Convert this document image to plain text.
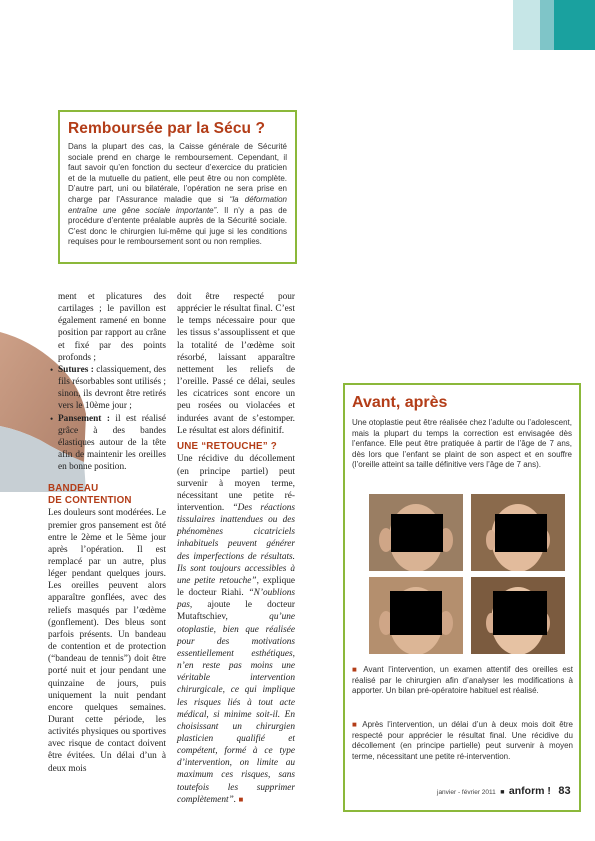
Remboursée par la Sécu ?

Dans la plupart des cas, la Caisse générale de Sécurité sociale prend en charge le remboursement. Cependant, il faut savoir qu’en fonction du secteur d’exercice du praticien et de la mutuelle du patient, elle peut être ou non complète. D’autre part, uni ou bilatérale, l’opération ne sera prise en charge par l’Assurance maladie que si “la déformation entraîne une gêne sociale importante”. Il n’y a pas de procédure d’entente préalable auprès de la Sécurité sociale. C’est donc le chirurgien lui-même qui juge si les conditions requises pour le remboursement sont ou non remplies.

ment et plicatures des cartilages ; le pavillon est également ramené en bonne position par rapport au crâne et fixé par des points profonds ;

• Sutures : classiquement, des fils résorbables sont utilisés ; sinon, ils devront être retirés vers le 10ème jour ;

• Pansement : il est réalisé grâce à des bandes élastiques autour de la tête afin de maintenir les oreilles en bonne position.

BANDEAU
DE CONTENTION

Les douleurs sont modérées. Le premier gros pansement est ôté entre le 2ème et le 5ème jour après l’opération. Il est remplacé par un autre, plus léger pendant quelques jours. Les oreilles peuvent alors apparaître gonflées, avec des reliefs masqués par l’œdème (gonflement). Des bleus sont parfois présents. Un bandeau de contention et de protection (“bandeau de tennis”) doit être porté nuit et jour pendant une quinzaine de jours, puis uniquement la nuit pendant encore quelques semaines. Durant cette période, les activités physiques ou sportives avec risque de contact doivent être évitées. Un délai d’un à deux mois

doit être respecté pour apprécier le résultat final. C’est le temps nécessaire pour que les tissus s’assouplissent et que la totalité de l’œdème soit résorbé, laissant apparaître nettement les reliefs de l’oreille. Passé ce délai, seules les cicatrices sont encore un peu rosées ou violacées et indurées avant de s’estomper. Le résultat est alors définitif.

UNE “RETOUCHE” ?

Une récidive du décollement (en principe partiel) peut survenir à moyen terme, nécessitant une petite ré-intervention. “Des réactions tissulaires inattendues ou des phénomènes cicatriciels inhabituels peuvent générer des imperfections de résultats. Ils sont toujours accessibles à une petite retouche”, explique le docteur Riahi. “N’oublions pas, ajoute le docteur Mutaftschiev, qu’une otoplastie, bien que réalisée pour des motivations essentiellement esthétiques, n’en reste pas moins une véritable intervention chirurgicale, ce qui implique les risques liés à tout acte médical, si minime soit-il. En choisissant un chirurgien plasticien qualifié et compétent, formé à ce type d’intervention, on limite au maximum ces risques, sans toutefois les supprimer complètement”. ■

Avant, après

Une otoplastie peut être réalisée chez l’adulte ou l’adolescent, mais la plupart du temps la correction est envisagée dès l’enfance. Elle peut être pratiquée à partir de l’âge de 7 ans, dès lors que l’enfant se plaint de son aspect et en souffre (l’oreille atteint sa taille définitive vers l’âge de 7 ans).

■ Avant l’intervention, un examen attentif des oreilles est réalisé par le chirurgien afin d’analyser les modifications à apporter. Un bilan pré-opératoire habituel est réalisé.

■ Après l’intervention, un délai d’un à deux mois doit être respecté pour apprécier le résultat final. Une récidive du décollement (en principe partielle) peut survenir à moyen terme, nécessitant une petite ré-intervention.

janvier - février 2011 ■ anform ! 83
